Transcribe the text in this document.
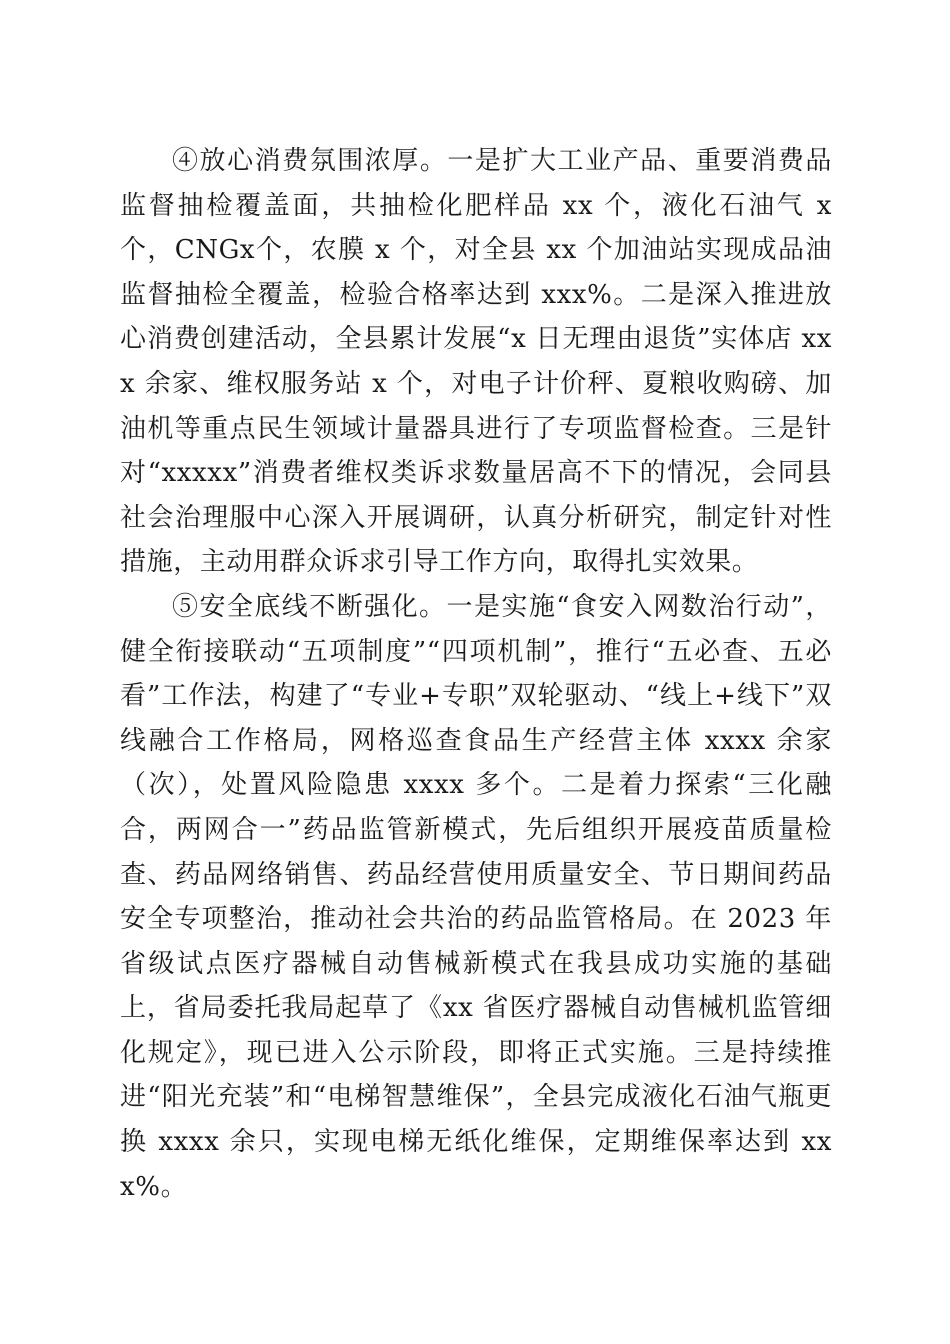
④放心消费氛围浓厚。一是扩大工业产品、重要消费品监督抽检覆盖面，共抽检化肥样品 xx 个，液化石油气 x 个，CNGx个，农膜 x 个，对全县 xx 个加油站实现成品油监督抽检全覆盖，检验合格率达到 xxx%。二是深入推进放心消费创建活动，全县累计发展“x 日无理由退货”实体店 xxx 余家、维权服务站 x 个，对电子计价秤、夏粮收购磅、加油机等重点民生领域计量器具进行了专项监督检查。三是针对“xxxxx”消费者维权类诉求数量居高不下的情况，会同县社会治理服中心深入开展调研，认真分析研究，制定针对性措施，主动用群众诉求引导工作方向，取得扎实效果。

⑤安全底线不断强化。一是实施“食安入网数治行动”，健全衔接联动“五项制度”“四项机制”，推行“五必查、五必看”工作法，构建了“专业+专职”双轮驱动、“线上+线下”双线融合工作格局，网格巡查食品生产经营主体 xxxx 余家（次），处置风险隐患 xxxx 多个。二是着力探索“三化融合，两网合一”药品监管新模式，先后组织开展疫苗质量检查、药品网络销售、药品经营使用质量安全、节日期间药品安全专项整治，推动社会共治的药品监管格局。在 2023 年省级试点医疗器械自动售械新模式在我县成功实施的基础上，省局委托我局起草了《xx 省医疗器械自动售械机监管细化规定》，现已进入公示阶段，即将正式实施。三是持续推进“阳光充装”和“电梯智慧维保”，全县完成液化石油气瓶更换 xxxx 余只，实现电梯无纸化维保，定期维保率达到 xxx%。
